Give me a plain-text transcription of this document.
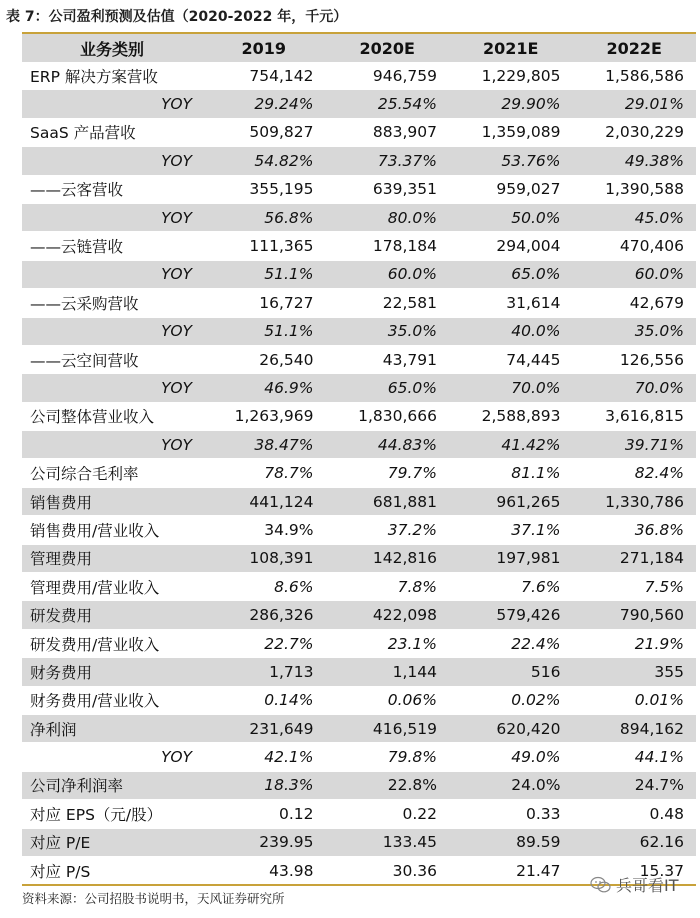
表 7：公司盈利预测及估值（2020-2022 年，千元）
业务类别	2019	2020E	2021E	2022E
ERP 解决方案营收	754,142	946,759	1,229,805	1,586,586
YOY	29.24%	25.54%	29.90%	29.01%
SaaS 产品营收	509,827	883,907	1,359,089	2,030,229
YOY	54.82%	73.37%	53.76%	49.38%
——云客营收	355,195	639,351	959,027	1,390,588
YOY	56.8%	80.0%	50.0%	45.0%
——云链营收	111,365	178,184	294,004	470,406
YOY	51.1%	60.0%	65.0%	60.0%
——云采购营收	16,727	22,581	31,614	42,679
YOY	51.1%	35.0%	40.0%	35.0%
——云空间营收	26,540	43,791	74,445	126,556
YOY	46.9%	65.0%	70.0%	70.0%
公司整体营业收入	1,263,969	1,830,666	2,588,893	3,616,815
YOY	38.47%	44.83%	41.42%	39.71%
公司综合毛利率	78.7%	79.7%	81.1%	82.4%
销售费用	441,124	681,881	961,265	1,330,786
销售费用/营业收入	34.9%	37.2%	37.1%	36.8%
管理费用	108,391	142,816	197,981	271,184
管理费用/营业收入	8.6%	7.8%	7.6%	7.5%
研发费用	286,326	422,098	579,426	790,560
研发费用/营业收入	22.7%	23.1%	22.4%	21.9%
财务费用	1,713	1,144	516	355
财务费用/营业收入	0.14%	0.06%	0.02%	0.01%
净利润	231,649	416,519	620,420	894,162
YOY	42.1%	79.8%	49.0%	44.1%
公司净利润率	18.3%	22.8%	24.0%	24.7%
对应 EPS（元/股）	0.12	0.22	0.33	0.48
对应 P/E	239.95	133.45	89.59	62.16
对应 P/S	43.98	30.36	21.47	15.37
资料来源：公司招股书说明书，天风证券研究所
兵哥看IT
